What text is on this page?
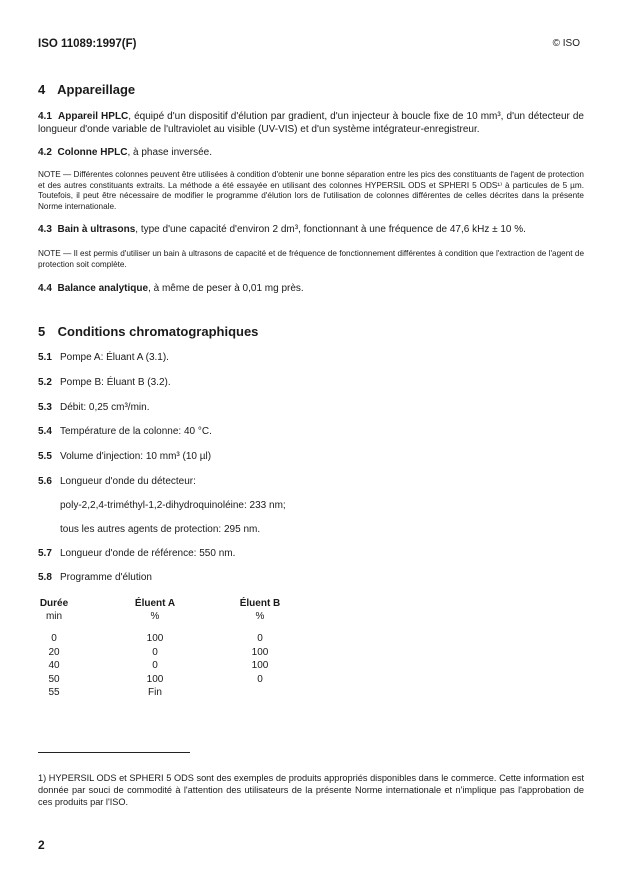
ISO 11089:1997(F)	© ISO
4 Appareillage
4.1 Appareil HPLC, équipé d'un dispositif d'élution par gradient, d'un injecteur à boucle fixe de 10 mm³, d'un détecteur de longueur d'onde variable de l'ultraviolet au visible (UV-VIS) et d'un système intégrateur-enregistreur.
4.2 Colonne HPLC, à phase inversée.
NOTE — Différentes colonnes peuvent être utilisées à condition d'obtenir une bonne séparation entre les pics des constituants de l'agent de protection et des autres constituants extraits. La méthode a été essayée en utilisant des colonnes HYPERSIL ODS et SPHERI 5 ODS¹⁾ à particules de 5 µm. Toutefois, il peut être nécessaire de modifier le programme d'élution lors de l'utilisation de colonnes différentes de celles décrites dans la présente Norme internationale.
4.3 Bain à ultrasons, type d'une capacité d'environ 2 dm³, fonctionnant à une fréquence de 47,6 kHz ± 10 %.
NOTE — Il est permis d'utiliser un bain à ultrasons de capacité et de fréquence de fonctionnement différentes à condition que l'extraction de l'agent de protection soit complète.
4.4 Balance analytique, à même de peser à 0,01 mg près.
5 Conditions chromatographiques
5.1 Pompe A: Éluant A (3.1).
5.2 Pompe B: Éluant B (3.2).
5.3 Débit: 0,25 cm³/min.
5.4 Température de la colonne: 40 °C.
5.5 Volume d'injection: 10 mm³ (10 µl)
5.6 Longueur d'onde du détecteur:
poly-2,2,4-triméthyl-1,2-dihydroquinoléine: 233 nm;
tous les autres agents de protection: 295 nm.
5.7 Longueur d'onde de référence: 550 nm.
5.8 Programme d'élution
Durée
min
0
20
40
50
55
Éluent A
%
100
0
0
100
Fin
Éluent B
%
0
100
100
0
1) HYPERSIL ODS et SPHERI 5 ODS sont des exemples de produits appropriés disponibles dans le commerce. Cette information est donnée par souci de commodité à l'attention des utilisateurs de la présente Norme internationale et n'implique pas l'approbation de ces produits par l'ISO.
2
